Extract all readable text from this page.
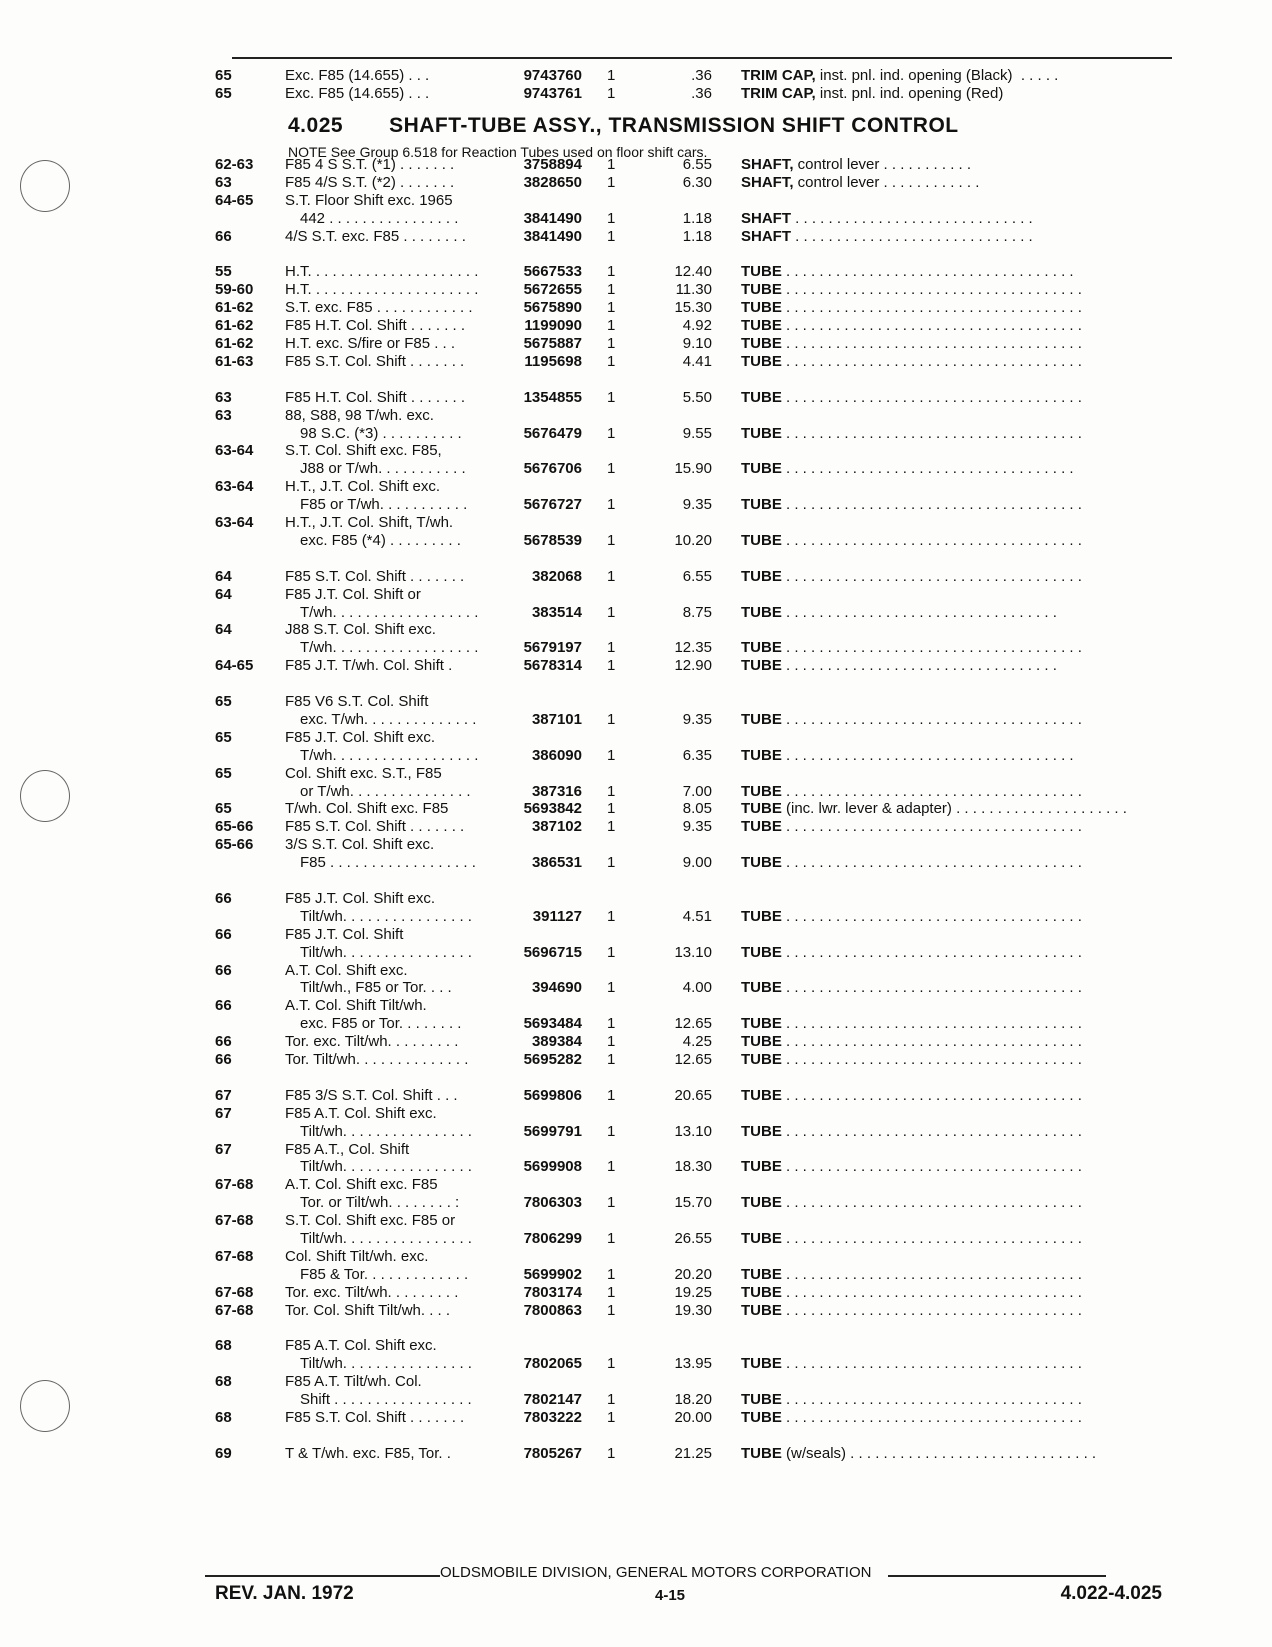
65	Exc. F85 (14.655) . . .	9743760 1	.36 TRIM CAP, inst. pnl. ind. opening (Black)  . . . . .
65	Exc. F85 (14.655) . . .	9743761 1	.36 TRIM CAP, inst. pnl. ind. opening (Red)
4.025 SHAFT-TUBE ASSY., TRANSMISSION SHIFT CONTROL
NOTE See Group 6.518 for Reaction Tubes used on floor shift cars.
62-63 F85 4 S S.T. (*1) . . . . . . .	3758894 1	6.55 SHAFT, control lever . . . . . . . . . . .
63	F85 4/S S.T. (*2) . . . . . . .	3828650 1	6.30 SHAFT, control lever . . . . . . . . . . . .
64-65 S.T. Floor Shift exc. 1965
442 . . . . . . . . . . . . . . . .	3841490 1	1.18 SHAFT . . . . . . . . . . . . . . . . . . . . . . . . . . . . .
66	4/S S.T. exc. F85 . . . . . . . .	3841490 1	1.18 SHAFT . . . . . . . . . . . . . . . . . . . . . . . . . . . . .
55	H.T. . . . . . . . . . . . . . . . . . . . .	5667533 1	12.40 TUBE . . . . . . . . . . . . . . . . . . . . . . . . . . . . . . . . . . .
59-60 H.T. . . . . . . . . . . . . . . . . . . . .	5672655 1	11.30 TUBE . . . . . . . . . . . . . . . . . . . . . . . . . . . . . . . . . . . .
61-62 S.T. exc. F85 . . . . . . . . . . . .	5675890 1	15.30 TUBE . . . . . . . . . . . . . . . . . . . . . . . . . . . . . . . . . . . .
61-62 F85 H.T. Col. Shift . . . . . . .	1199090 1	4.92 TUBE . . . . . . . . . . . . . . . . . . . . . . . . . . . . . . . . . . . .
61-62 H.T. exc. S/fire or F85 . . .	5675887 1	9.10 TUBE . . . . . . . . . . . . . . . . . . . . . . . . . . . . . . . . . . . .
61-63 F85 S.T. Col. Shift . . . . . . .	1195698 1	4.41 TUBE . . . . . . . . . . . . . . . . . . . . . . . . . . . . . . . . . . . .
63	F85 H.T. Col. Shift . . . . . . .	1354855 1	5.50 TUBE . . . . . . . . . . . . . . . . . . . . . . . . . . . . . . . . . . . .
63	88, S88, 98 T/wh. exc.
98 S.C. (*3) . . . . . . . . . .	5676479 1	9.55 TUBE . . . . . . . . . . . . . . . . . . . . . . . . . . . . . . . . . . . .
63-64 S.T. Col. Shift exc. F85,
J88 or T/wh. . . . . . . . . . .	5676706 1	15.90 TUBE . . . . . . . . . . . . . . . . . . . . . . . . . . . . . . . . . . .
63-64 H.T., J.T. Col. Shift exc.
F85 or T/wh. . . . . . . . . . .	5676727 1	9.35 TUBE . . . . . . . . . . . . . . . . . . . . . . . . . . . . . . . . . . . .
63-64 H.T., J.T. Col. Shift, T/wh.
exc. F85 (*4) . . . . . . . . .	5678539 1	10.20 TUBE . . . . . . . . . . . . . . . . . . . . . . . . . . . . . . . . . . . .
64	F85 S.T. Col. Shift . . . . . . .	382068 1	6.55 TUBE . . . . . . . . . . . . . . . . . . . . . . . . . . . . . . . . . . . .
64	F85 J.T. Col. Shift or
T/wh. . . . . . . . . . . . . . . . . .	383514 1	8.75 TUBE . . . . . . . . . . . . . . . . . . . . . . . . . . . . . . . . .
64	J88 S.T. Col. Shift exc.
T/wh. . . . . . . . . . . . . . . . . .	5679197 1	12.35 TUBE . . . . . . . . . . . . . . . . . . . . . . . . . . . . . . . . . . . .
64-65 F85 J.T. T/wh. Col. Shift .	5678314 1	12.90 TUBE . . . . . . . . . . . . . . . . . . . . . . . . . . . . . . . . .
65	F85 V6 S.T. Col. Shift
exc. T/wh. . . . . . . . . . . . . .	387101 1	9.35 TUBE . . . . . . . . . . . . . . . . . . . . . . . . . . . . . . . . . . . .
65	F85 J.T. Col. Shift exc.
T/wh. . . . . . . . . . . . . . . . . .	386090 1	6.35 TUBE . . . . . . . . . . . . . . . . . . . . . . . . . . . . . . . . . . .
65	Col. Shift exc. S.T., F85
or T/wh. . . . . . . . . . . . . . .	387316 1	7.00 TUBE . . . . . . . . . . . . . . . . . . . . . . . . . . . . . . . . . . . .
65	T/wh. Col. Shift exc. F85	5693842 1	8.05 TUBE (inc. lwr. lever & adapter) . . . . . . . . . . . . . . . . . . . . .
65-66 F85 S.T. Col. Shift . . . . . . .	387102 1	9.35 TUBE . . . . . . . . . . . . . . . . . . . . . . . . . . . . . . . . . . . .
65-66 3/S S.T. Col. Shift exc.
F85 . . . . . . . . . . . . . . . . . .	386531 1	9.00 TUBE . . . . . . . . . . . . . . . . . . . . . . . . . . . . . . . . . . . .
66	F85 J.T. Col. Shift exc.
Tilt/wh. . . . . . . . . . . . . . . .	391127 1	4.51 TUBE . . . . . . . . . . . . . . . . . . . . . . . . . . . . . . . . . . . .
66	F85 J.T. Col. Shift
Tilt/wh. . . . . . . . . . . . . . . .	5696715 1	13.10 TUBE . . . . . . . . . . . . . . . . . . . . . . . . . . . . . . . . . . . .
66	A.T. Col. Shift exc.
Tilt/wh., F85 or Tor. . . .	394690 1	4.00 TUBE . . . . . . . . . . . . . . . . . . . . . . . . . . . . . . . . . . . .
66	A.T. Col. Shift Tilt/wh.
exc. F85 or Tor. . . . . . . .	5693484 1	12.65 TUBE . . . . . . . . . . . . . . . . . . . . . . . . . . . . . . . . . . . .
66	Tor. exc. Tilt/wh. . . . . . . . .	389384 1	4.25 TUBE . . . . . . . . . . . . . . . . . . . . . . . . . . . . . . . . . . . .
66	Tor. Tilt/wh. . . . . . . . . . . . . .	5695282 1	12.65 TUBE . . . . . . . . . . . . . . . . . . . . . . . . . . . . . . . . . . . .
67	F85 3/S S.T. Col. Shift . . .	5699806 1	20.65 TUBE . . . . . . . . . . . . . . . . . . . . . . . . . . . . . . . . . . . .
67	F85 A.T. Col. Shift exc.
Tilt/wh. . . . . . . . . . . . . . . .	5699791 1	13.10 TUBE . . . . . . . . . . . . . . . . . . . . . . . . . . . . . . . . . . . .
67	F85 A.T., Col. Shift
Tilt/wh. . . . . . . . . . . . . . . .	5699908 1	18.30 TUBE . . . . . . . . . . . . . . . . . . . . . . . . . . . . . . . . . . . .
67-68 A.T. Col. Shift exc. F85
Tor. or Tilt/wh. . . . . . . . :	7806303 1	15.70 TUBE . . . . . . . . . . . . . . . . . . . . . . . . . . . . . . . . . . . .
67-68 S.T. Col. Shift exc. F85 or
Tilt/wh. . . . . . . . . . . . . . . .	7806299 1	26.55 TUBE . . . . . . . . . . . . . . . . . . . . . . . . . . . . . . . . . . . .
67-68 Col. Shift Tilt/wh. exc.
F85 & Tor. . . . . . . . . . . . .	5699902 1	20.20 TUBE . . . . . . . . . . . . . . . . . . . . . . . . . . . . . . . . . . . .
67-68 Tor. exc. Tilt/wh. . . . . . . . .	7803174 1	19.25 TUBE . . . . . . . . . . . . . . . . . . . . . . . . . . . . . . . . . . . .
67-68 Tor. Col. Shift Tilt/wh. . . .	7800863 1	19.30 TUBE . . . . . . . . . . . . . . . . . . . . . . . . . . . . . . . . . . . .
68	F85 A.T. Col. Shift exc.
Tilt/wh. . . . . . . . . . . . . . . .	7802065 1	13.95 TUBE . . . . . . . . . . . . . . . . . . . . . . . . . . . . . . . . . . . .
68	F85 A.T. Tilt/wh. Col.
Shift . . . . . . . . . . . . . . . . .	7802147 1	18.20 TUBE . . . . . . . . . . . . . . . . . . . . . . . . . . . . . . . . . . . .
68	F85 S.T. Col. Shift . . . . . . .	7803222 1	20.00 TUBE . . . . . . . . . . . . . . . . . . . . . . . . . . . . . . . . . . . .
69	T & T/wh. exc. F85, Tor. .	7805267 1	21.25 TUBE (w/seals) . . . . . . . . . . . . . . . . . . . . . . . . . . . . . .
OLDSMOBILE DIVISION, GENERAL MOTORS CORPORATION
REV. JAN. 1972	4-15	4.022-4.025
